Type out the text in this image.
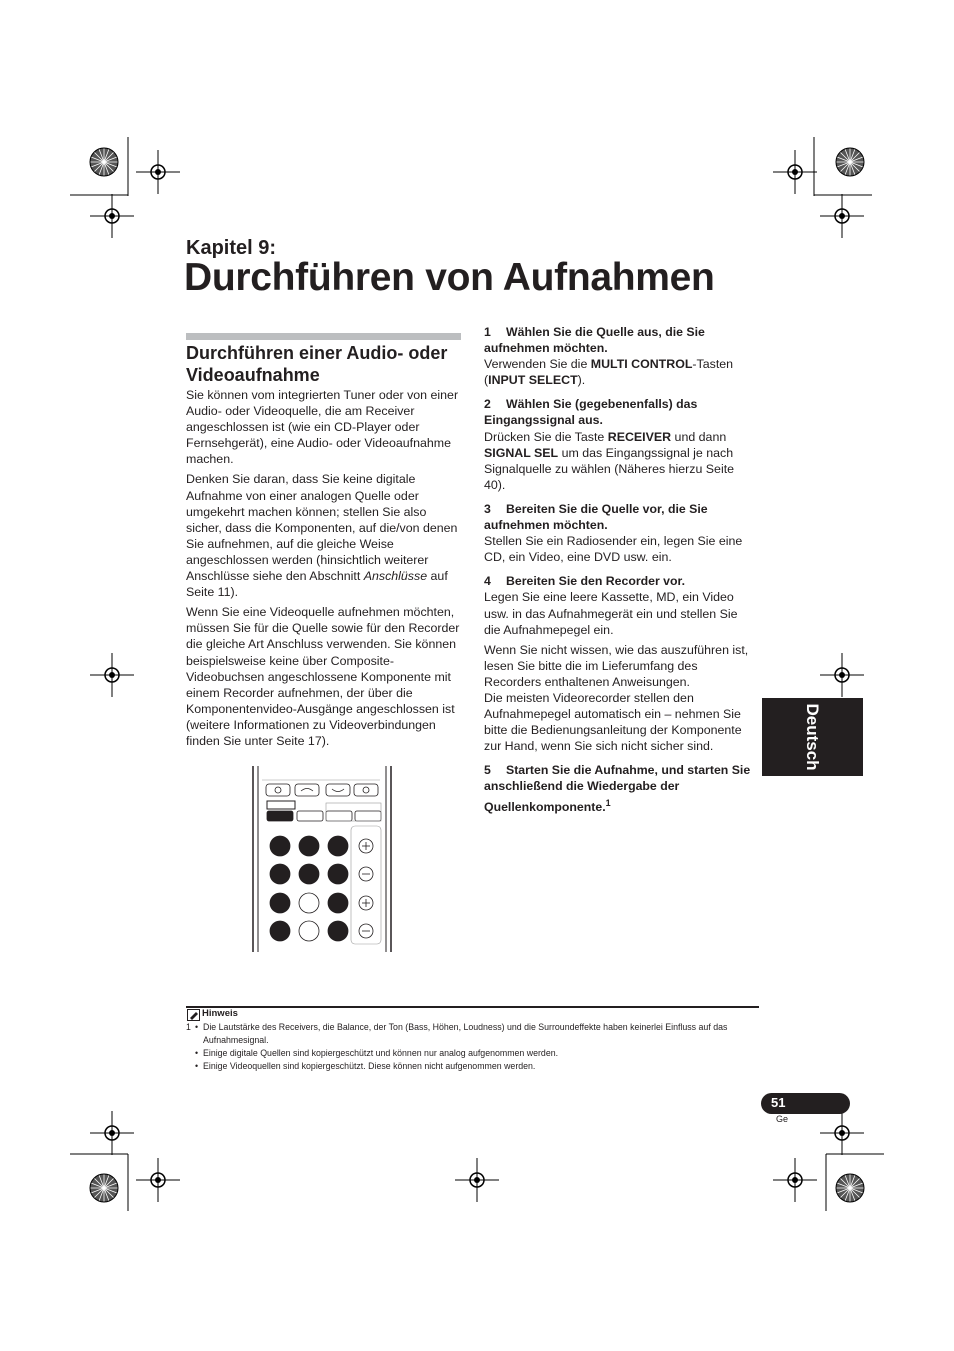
Kapitel 9:
Durchführen von Aufnahmen
Durchführen einer Audio- oder Videoaufnahme

Sie können vom integrierten Tuner oder von einer Audio- oder Videoquelle, die am Receiver angeschlossen ist (wie ein CD-Player oder Fernsehgerät), eine Audio- oder Videoaufnahme machen.

Denken Sie daran, dass Sie keine digitale Aufnahme von einer analogen Quelle oder umgekehrt machen können; stellen Sie also sicher, dass die Komponenten, auf die/von denen Sie aufnehmen, auf die gleiche Weise angeschlossen werden (hinsichtlich weiterer Anschlüsse siehe den Abschnitt Anschlüsse auf Seite 11).

Wenn Sie eine Videoquelle aufnehmen möchten, müssen Sie für die Quelle sowie für den Recorder die gleiche Art Anschluss verwenden. Sie können beispielsweise keine über Composite-Videobuchsen angeschlossene Komponente mit einem Recorder aufnehmen, der über die Komponentenvideo-Ausgänge angeschlossen ist (weitere Informationen zu Videoverbindungen finden Sie unter Seite 17).

1 Wählen Sie die Quelle aus, die Sie aufnehmen möchten.

Verwenden Sie die MULTI CONTROL-Tasten (INPUT SELECT).

2 Wählen Sie (gegebenenfalls) das Eingangssignal aus.

Drücken Sie die Taste RECEIVER und dann SIGNAL SEL um das Eingangssignal je nach Signalquelle zu wählen (Näheres hierzu Seite 40).

3 Bereiten Sie die Quelle vor, die Sie aufnehmen möchten.

Stellen Sie ein Radiosender ein, legen Sie eine CD, ein Video, eine DVD usw. ein.

4 Bereiten Sie den Recorder vor.

Legen Sie eine leere Kassette, MD, ein Video usw. in das Aufnahmegerät ein und stellen Sie die Aufnahmepegel ein.

Wenn Sie nicht wissen, wie das auszuführen ist, lesen Sie bitte die im Lieferumfang des Recorders enthaltenen Anweisungen.

Die meisten Videorecorder stellen den Aufnahmepegel automatisch ein – nehmen Sie bitte die Bedienungsanleitung der Komponente zur Hand, wenn Sie sich nicht sicher sind.

5 Starten Sie die Aufnahme, und starten Sie anschließend die Wiedergabe der Quellenkomponente.$^1$

Deutsch
Hinweis
1
•	Die Lautstärke des Receivers, die Balance, der Ton (Bass, Höhen, Loudness) und die Surroundeffekte haben keinerlei Einfluss auf das Aufnahmesignal.
• Einige digitale Quellen sind kopiergeschützt und können nur analog aufgenommen werden.
• Einige Videoquellen sind kopiergeschützt. Diese können nicht aufgenommen werden.
51
Ge
